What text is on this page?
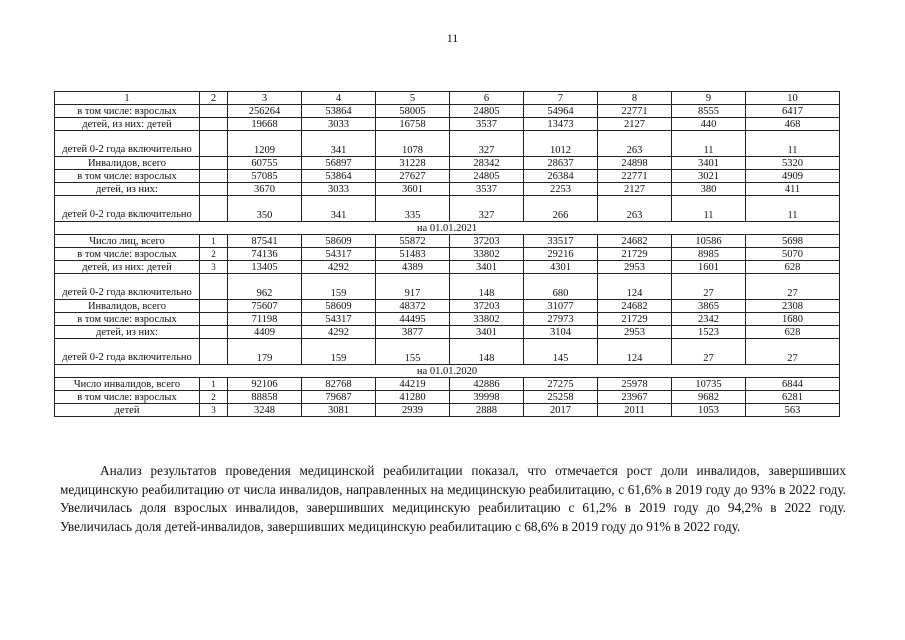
11
1	2	3	4	5	6	7	8	9	10
в том числе: взрослых		256264	53864	58005	24805	54964	22771	8555	6417
детей, из них: детей		19668	3033	16758	3537	13473	2127	440	468
детей 0-2 года включительно		1209	341	1078	327	1012	263	11	11
Инвалидов, всего		60755	56897	31228	28342	28637	24898	3401	5320
в том числе: взрослых		57085	53864	27627	24805	26384	22771	3021	4909
детей, из них:		3670	3033	3601	3537	2253	2127	380	411
детей 0-2 года включительно		350	341	335	327	266	263	11	11
на 01.01.2021									
Число лиц, всего	1	87541	58609	55872	37203	33517	24682	10586	5698
в том числе: взрослых	2	74136	54317	51483	33802	29216	21729	8985	5070
детей, из них: детей	3	13405	4292	4389	3401	4301	2953	1601	628
детей 0-2 года включительно		962	159	917	148	680	124	27	27
Инвалидов, всего		75607	58609	48372	37203	31077	24682	3865	2308
в том числе: взрослых		71198	54317	44495	33802	27973	21729	2342	1680
детей, из них:		4409	4292	3877	3401	3104	2953	1523	628
детей 0-2 года включительно		179	159	155	148	145	124	27	27
на 01.01.2020									
Число инвалидов, всего	1	92106	82768	44219	42886	27275	25978	10735	6844
в том числе: взрослых	2	88858	79687	41280	39998	25258	23967	9682	6281
детей	3	3248	3081	2939	2888	2017	2011	1053	563

Анализ результатов проведения медицинской реабилитации показал, что отмечается рост доли инвалидов, завершивших медицинскую реабилитацию от числа инвалидов, направленных на медицинскую реабилитацию, с 61,6% в 2019 году до 93% в 2022 году. Увеличилась доля взрослых инвалидов, завершивших медицинскую реабилитацию с 61,2% в 2019 году до 94,2% в 2022 году. Увеличилась доля детей-инвалидов, завершивших медицинскую реабилитацию с 68,6% в 2019 году до 91% в 2022 году.
